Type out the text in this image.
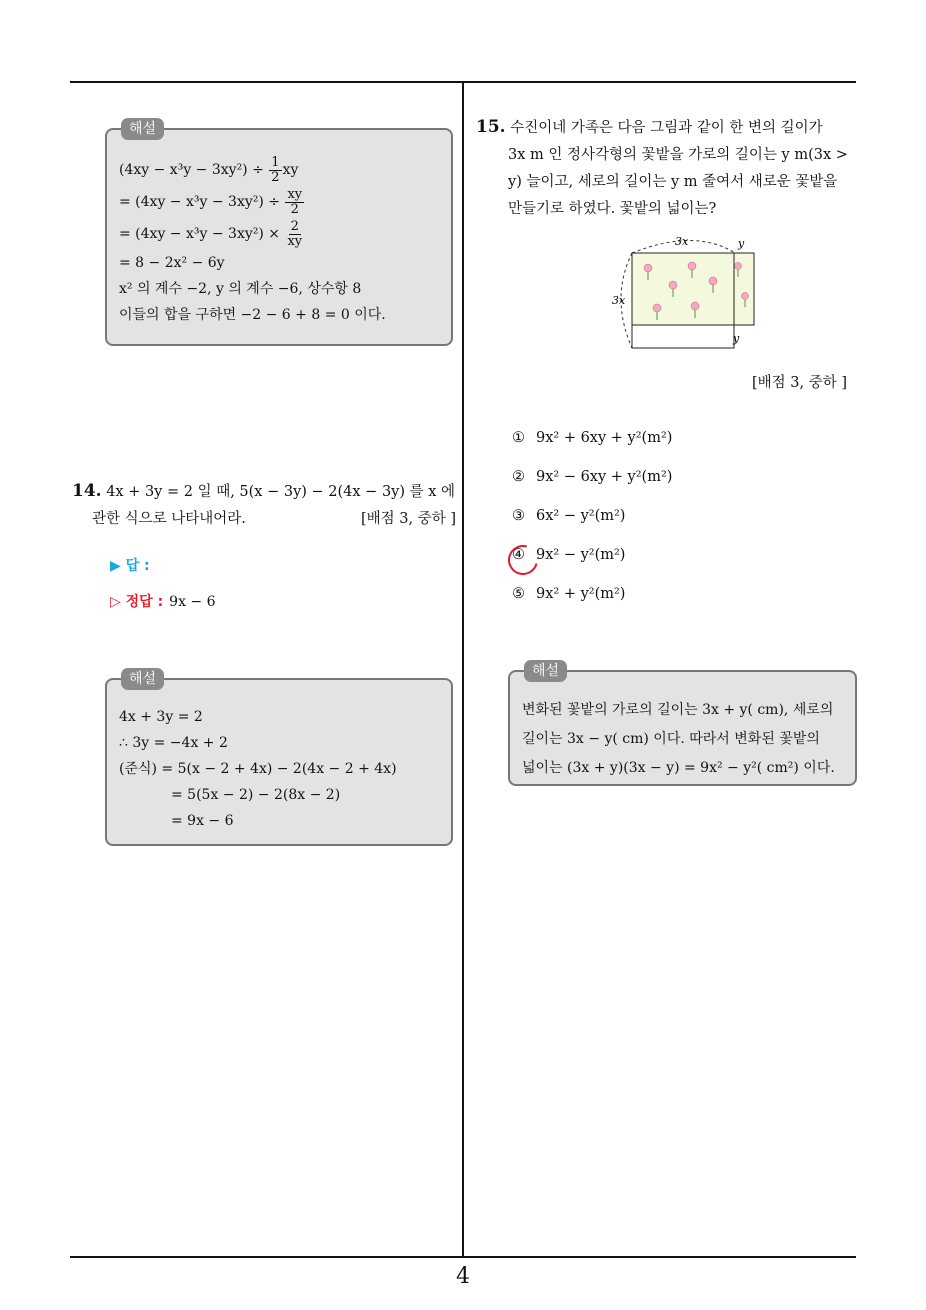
4
해설
$(4xy - x^3y - 3xy^2) \div \frac{1}{2}$ xy
= $(4xy - x^3y - 3xy^2) \div \frac{xy}{2}$
= $(4xy - x^3y - 3xy^2) \times \frac{2}{xy}$
= 8 − 2x² − 6y
x² 의 계수 −2, y 의 계수 −6, 상수항 8
이들의 합을 구하면 −2 − 6 + 8 = 0 이다.
14. 4x + 3y = 2 일 때, 5(x − 3y) − 2(4x − 3y) 를 x 에
관한 식으로 나타내어라.	[배점 3, 중하 ]
▶ 답 :
▷ 정답 : 9x − 6
해설
4x + 3y = 2
∴ 3y = −4x + 2
(준식) = 5(x − 2 + 4x) − 2(4x − 2 + 4x)
= 5(5x − 2) − 2(8x − 2)
= 9x − 6
15. 수진이네 가족은 다음 그림과 같이 한 변의 길이가
3x m 인 정사각형의 꽃밭을 가로의 길이는 y m(3x >
y) 늘이고, 세로의 길이는 y m 줄여서 새로운 꽃밭을
만들기로 하였다. 꽃밭의 넓이는?
3x	y
3x
y
[배점 3, 중하 ]
① 9x² + 6xy + y²(m²)
② 9x² − 6xy + y²(m²)
③ 6x² − y²(m²)
④ 9x² − y²(m²)
⑤ 9x² + y²(m²)
해설
변화된 꽃밭의 가로의 길이는 3x + y( cm), 세로의
길이는 3x − y( cm) 이다. 따라서 변화된 꽃밭의
넓이는 (3x + y)(3x − y) = 9x² − y²( cm²) 이다.
